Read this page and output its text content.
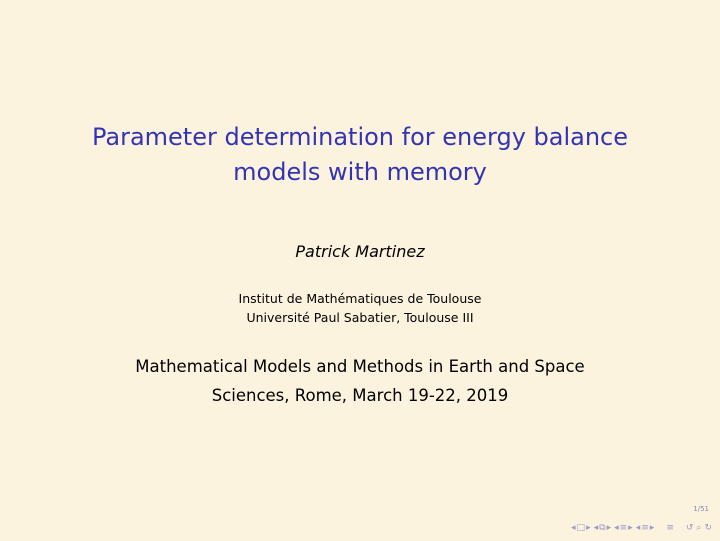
Parameter determination for energy balance
models with memory
Patrick Martinez
Institut de Mathématiques de Toulouse
Université Paul Sabatier, Toulouse III
Mathematical Models and Methods in Earth and Space
Sciences, Rome, March 19-22, 2019
1/51
◂ □ ▸ ◂ ⧉ ▸ ◂ ≡ ▸ ◂ ≡ ▸ ≡ ↺ ⌕ ↻
